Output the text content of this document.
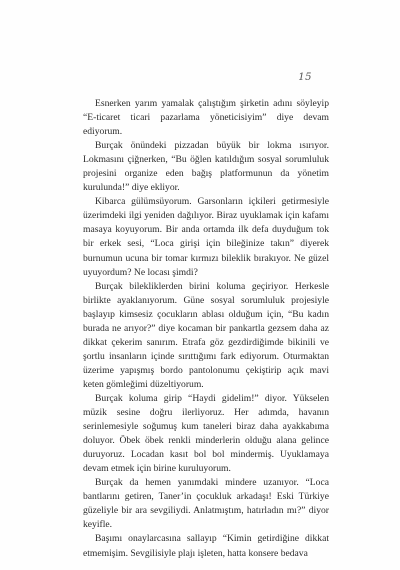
15

Esnerken yarım yamalak çalıştığım şirketin adını söyleyip “E-ticaret ticari pazarlama yöneticisiyim” diye devam ediyorum.

Burçak önündeki pizzadan büyük bir lokma ısırıyor. Lokmasını çiğnerken, “Bu öğlen katıldığım sosyal sorumluluk projesini organize eden bağış platformunun da yönetim kurulunda!” diye ekliyor.

Kibarca gülümsüyorum. Garsonların içkileri getirmesiyle üzerimdeki ilgi yeniden dağılıyor. Biraz uyuklamak için kafamı masaya koyuyorum. Bir anda ortamda ilk defa duyduğum tok bir erkek sesi, “Loca girişi için bileğinize takın” diyerek burnumun ucuna bir tomar kırmızı bileklik bırakıyor. Ne güzel uyuyordum? Ne locası şimdi?

Burçak bilekliklerden birini koluma geçiriyor. Herkesle birlikte ayaklanıyorum. Güne sosyal sorumluluk projesiyle başlayıp kimsesiz çocukların ablası olduğum için, “Bu kadın burada ne arıyor?” diye kocaman bir pankartla gezsem daha az dikkat çekerim sanırım. Etrafa göz gezdirdiğimde bikinili ve şortlu insanların içinde sırıttığımı fark ediyorum. Oturmaktan üzerime yapışmış bordo pantolonumu çekiştirip açık mavi keten gömleğimi düzeltiyorum.

Burçak koluma girip “Haydi gidelim!” diyor. Yükselen müzik sesine doğru ilerliyoruz. Her adımda, havanın serinlemesiyle soğumuş kum taneleri biraz daha ayakkabıma doluyor. Öbek öbek renkli minderlerin olduğu alana gelince duruyoruz. Locadan kasıt bol bol mindermiş. Uyuklamaya devam etmek için birine kuruluyorum.

Burçak da hemen yanımdaki mindere uzanıyor. “Loca bantlarını getiren, Taner’in çocukluk arkadaşı! Eski Türkiye güzeliyle bir ara sevgiliydi. Anlatmıştım, hatırladın mı?” diyor keyifle.

Başımı onaylarcasına sallayıp “Kimin getirdiğine dikkat etmemişim. Sevgilisiyle plajı işleten, hatta konsere bedava
